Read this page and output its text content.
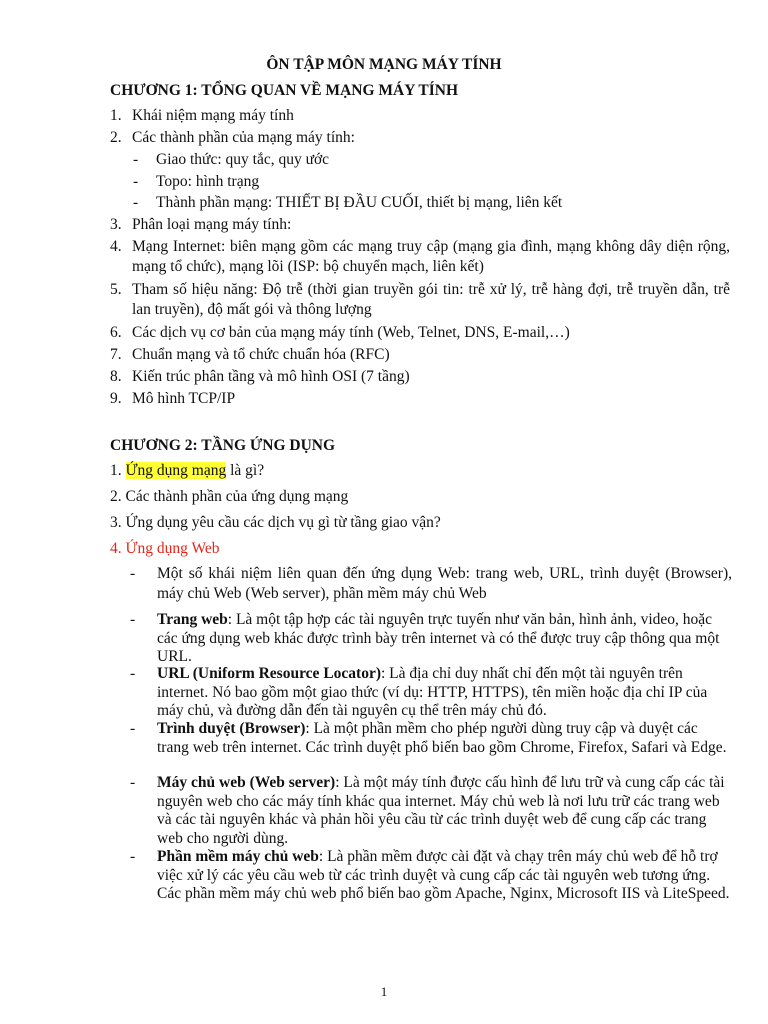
ÔN TẬP MÔN MẠNG MÁY TÍNH
CHƯƠNG 1: TỔNG QUAN VỀ MẠNG MÁY TÍNH
1. Khái niệm mạng máy tính
2. Các thành phần của mạng máy tính:
- Giao thức: quy tắc, quy ước
- Topo: hình trạng
- Thành phần mạng: THIẾT BỊ ĐẦU CUỐI, thiết bị mạng, liên kết
3. Phân loại mạng máy tính:
4. Mạng Internet: biên mạng gồm các mạng truy cập (mạng gia đình, mạng không dây diện rộng, mạng tổ chức), mạng lõi (ISP: bộ chuyển mạch, liên kết)
5. Tham số hiệu năng: Độ trễ (thời gian truyền gói tin: trễ xử lý, trễ hàng đợi, trễ truyền dẫn, trễ lan truyền), độ mất gói và thông lượng
6. Các dịch vụ cơ bản của mạng máy tính (Web, Telnet, DNS, E-mail,…)
7. Chuẩn mạng và tổ chức chuẩn hóa (RFC)
8. Kiến trúc phân tầng và mô hình OSI (7 tầng)
9. Mô hình TCP/IP
CHƯƠNG 2: TẦNG ỨNG DỤNG
1. Ứng dụng mạng là gì?
2. Các thành phần của ứng dụng mạng
3. Ứng dụng yêu cầu các dịch vụ gì từ tầng giao vận?
4. Ứng dụng Web
- Một số khái niệm liên quan đến ứng dụng Web: trang web, URL, trình duyệt (Browser), máy chủ Web (Web server), phần mềm máy chủ Web
- Trang web: Là một tập hợp các tài nguyên trực tuyến như văn bản, hình ảnh, video, hoặc các ứng dụng web khác được trình bày trên internet và có thể được truy cập thông qua một URL.
- URL (Uniform Resource Locator): Là địa chỉ duy nhất chỉ đến một tài nguyên trên internet. Nó bao gồm một giao thức (ví dụ: HTTP, HTTPS), tên miền hoặc địa chỉ IP của máy chủ, và đường dẫn đến tài nguyên cụ thể trên máy chủ đó.
- Trình duyệt (Browser): Là một phần mềm cho phép người dùng truy cập và duyệt các trang web trên internet. Các trình duyệt phổ biến bao gồm Chrome, Firefox, Safari và Edge.
- Máy chủ web (Web server): Là một máy tính được cấu hình để lưu trữ và cung cấp các tài nguyên web cho các máy tính khác qua internet. Máy chủ web là nơi lưu trữ các trang web và các tài nguyên khác và phản hồi yêu cầu từ các trình duyệt web để cung cấp các trang web cho người dùng.
- Phần mềm máy chủ web: Là phần mềm được cài đặt và chạy trên máy chủ web để hỗ trợ việc xử lý các yêu cầu web từ các trình duyệt và cung cấp các tài nguyên web tương ứng. Các phần mềm máy chủ web phổ biến bao gồm Apache, Nginx, Microsoft IIS và LiteSpeed.
1
